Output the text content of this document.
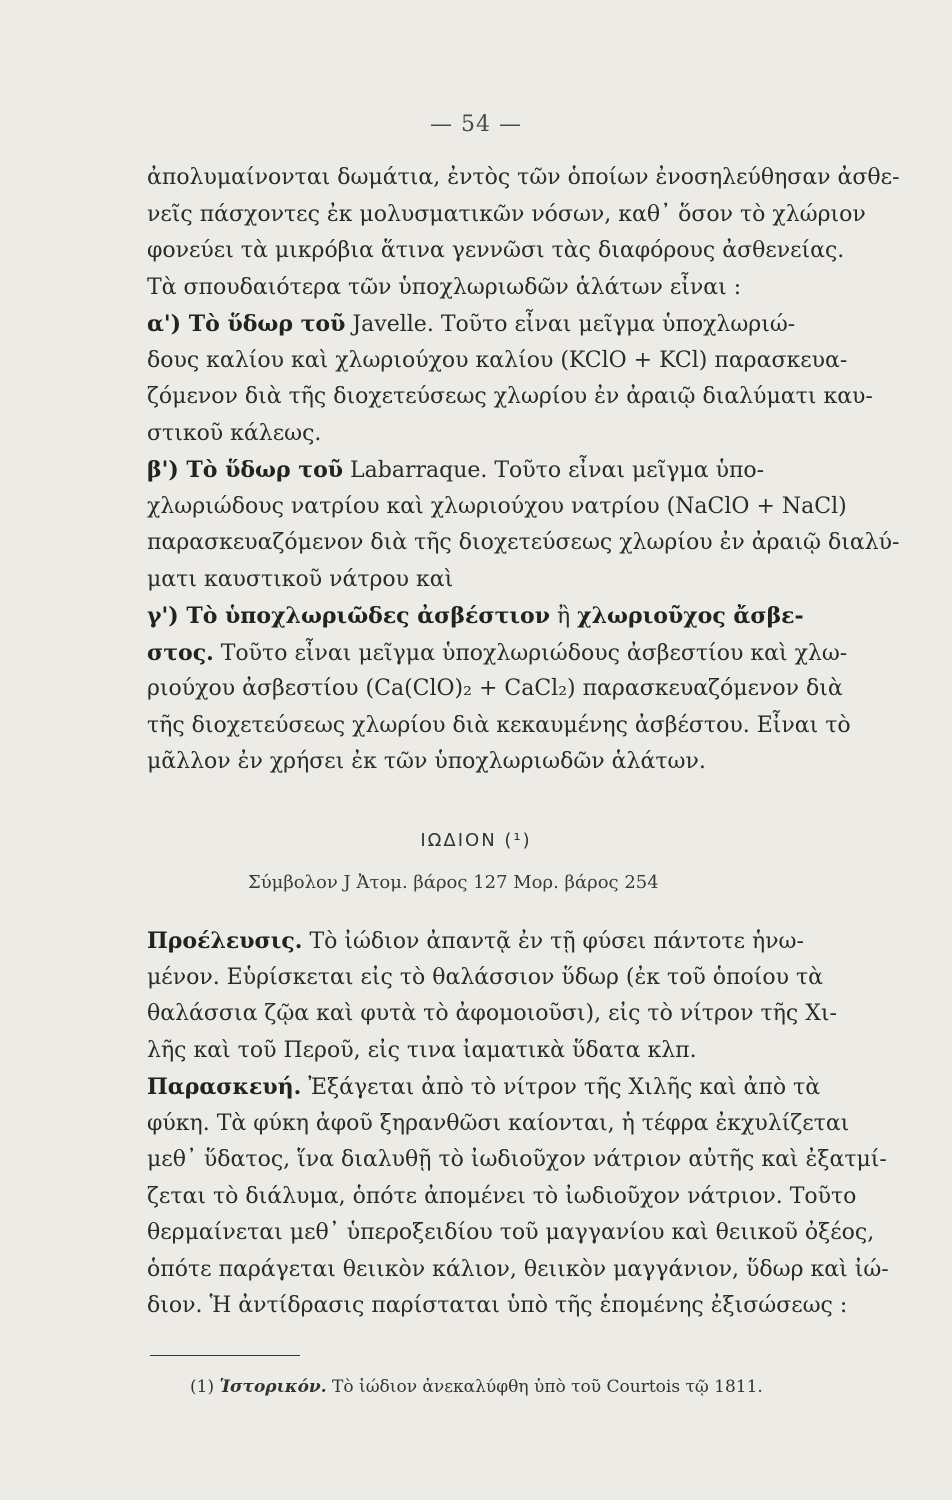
— 54 —
ἀπολυμαίνονται δωμάτια, ἐντὸς τῶν ὁποίων ἐνοσηλεύθησαν ἀσθε-
νεῖς πάσχοντες ἐκ μολυσματικῶν νόσων, καθ᾽ ὅσον τὸ χλώριον
φονεύει τὰ μικρόβια ἅτινα γεννῶσι τὰς διαφόρους ἀσθενείας.
Τὰ σπουδαιότερα τῶν ὑποχλωριωδῶν ἁλάτων εἶναι :
α') Τὸ ὕδωρ τοῦ Javelle. Τοῦτο εἶναι μεῖγμα ὑποχλωριώ-
δους καλίου καὶ χλωριούχου καλίου (KClO + KCl) παρασκευα-
ζόμενον διὰ τῆς διοχετεύσεως χλωρίου ἐν ἀραιῷ διαλύματι καυ-
στικοῦ κάλεως.
β') Τὸ ὕδωρ τοῦ Labarraque. Τοῦτο εἶναι μεῖγμα ὑπο-
χλωριώδους νατρίου καὶ χλωριούχου νατρίου (NaClO + NaCl)
παρασκευαζόμενον διὰ τῆς διοχετεύσεως χλωρίου ἐν ἀραιῷ διαλύ-
ματι καυστικοῦ νάτρου καὶ
γ') Τὸ ὑποχλωριῶδες ἀσβέστιον ἢ χλωριοῦχος ἄσβε-
στος. Τοῦτο εἶναι μεῖγμα ὑποχλωριώδους ἀσβεστίου καὶ χλω-
ριούχου ἀσβεστίου (Ca(ClO)₂ + CaCl₂) παρασκευαζόμενον διὰ
τῆς διοχετεύσεως χλωρίου διὰ κεκαυμένης ἀσβέστου. Εἶναι τὸ
μᾶλλον ἐν χρήσει ἐκ τῶν ὑποχλωριωδῶν ἁλάτων.
ΙΩΔΙΟΝ (¹)
Σύμβολον J Ἀτομ. βάρος 127 Μορ. βάρος 254
Προέλευσις. Τὸ ἰώδιον ἀπαντᾷ ἐν τῇ φύσει πάντοτε ἡνω-
μένον. Εὑρίσκεται εἰς τὸ θαλάσσιον ὕδωρ (ἐκ τοῦ ὁποίου τὰ
θαλάσσια ζῷα καὶ φυτὰ τὸ ἀφομοιοῦσι), εἰς τὸ νίτρον τῆς Χι-
λῆς καὶ τοῦ Περοῦ, εἰς τινα ἰαματικὰ ὕδατα κλπ.
Παρασκευή. Ἐξάγεται ἀπὸ τὸ νίτρον τῆς Χιλῆς καὶ ἀπὸ τὰ
φύκη. Τὰ φύκη ἀφοῦ ξηρανθῶσι καίονται, ἡ τέφρα ἐκχυλίζεται
μεθ᾽ ὕδατος, ἵνα διαλυθῇ τὸ ἰωδιοῦχον νάτριον αὐτῆς καὶ ἐξατμί-
ζεται τὸ διάλυμα, ὁπότε ἀπομένει τὸ ἰωδιοῦχον νάτριον. Τοῦτο
θερμαίνεται μεθ᾽ ὑπεροξειδίου τοῦ μαγγανίου καὶ θειικοῦ ὀξέος,
ὁπότε παράγεται θειικὸν κάλιον, θειικὸν μαγγάνιον, ὕδωρ καὶ ἰώ-
διον. Ἡ ἀντίδρασις παρίσταται ὑπὸ τῆς ἑπομένης ἐξισώσεως :
(1) Ἱστορικόν. Τὸ ἰώδιον ἀνεκαλύφθη ὑπὸ τοῦ Courtois τῷ 1811.
